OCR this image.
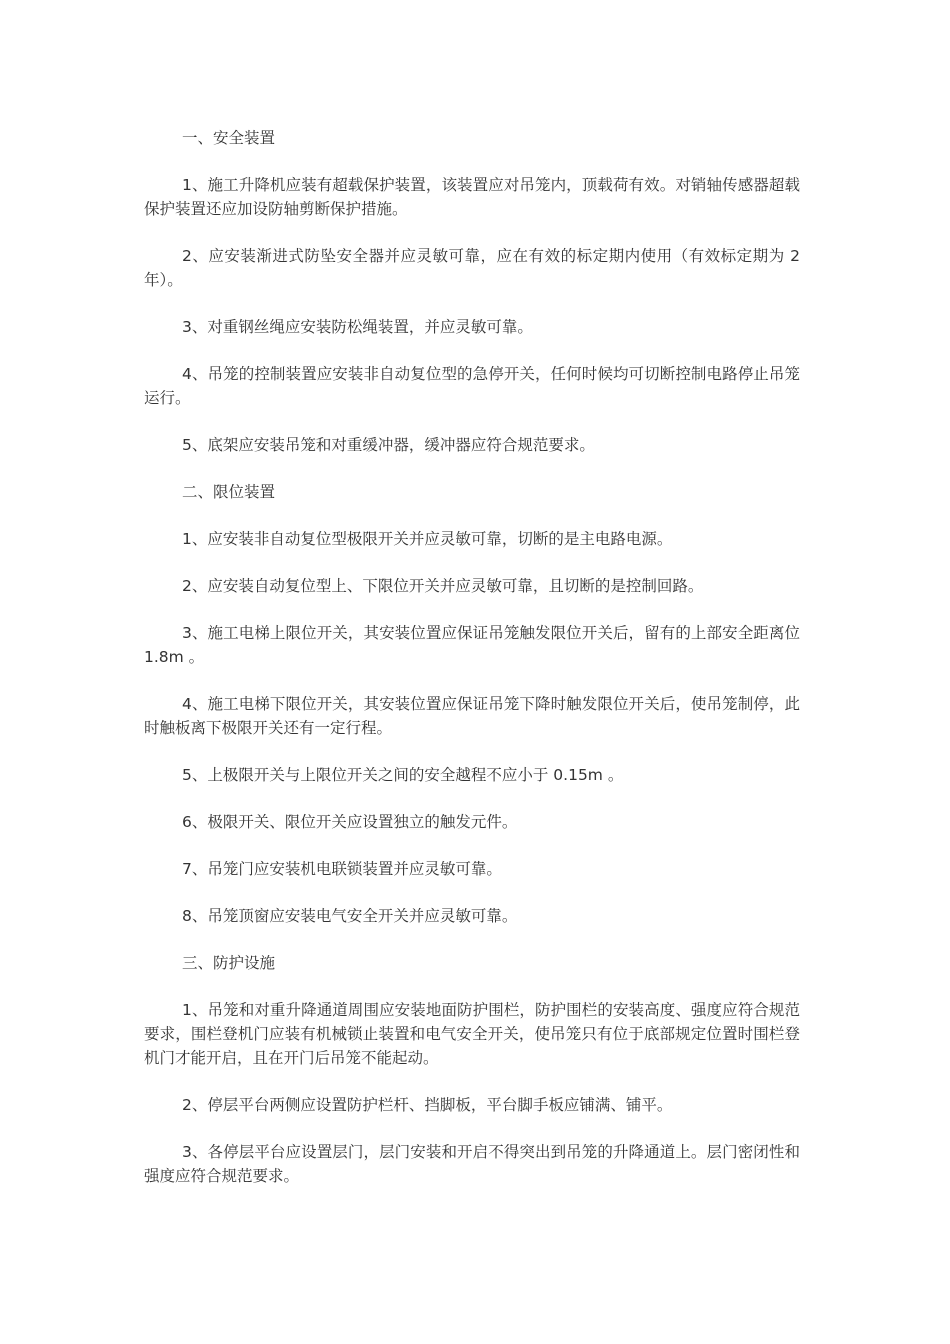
一、安全装置

1、施工升降机应装有超载保护装置，该装置应对吊笼内，顶载荷有效。对销轴传感器超载保护装置还应加设防轴剪断保护措施。

2、应安装渐进式防坠安全器并应灵敏可靠，应在有效的标定期内使用（有效标定期为 2 年）。

3、对重钢丝绳应安装防松绳装置，并应灵敏可靠。

4、吊笼的控制装置应安装非自动复位型的急停开关，任何时候均可切断控制电路停止吊笼运行。

5、底架应安装吊笼和对重缓冲器，缓冲器应符合规范要求。

二、限位装置

1、应安装非自动复位型极限开关并应灵敏可靠，切断的是主电路电源。

2、应安装自动复位型上、下限位开关并应灵敏可靠，且切断的是控制回路。

3、施工电梯上限位开关，其安装位置应保证吊笼触发限位开关后，留有的上部安全距离位 1.8m 。

4、施工电梯下限位开关，其安装位置应保证吊笼下降时触发限位开关后，使吊笼制停，此时触板离下极限开关还有一定行程。

5、上极限开关与上限位开关之间的安全越程不应小于 0.15m 。

6、极限开关、限位开关应设置独立的触发元件。

7、吊笼门应安装机电联锁装置并应灵敏可靠。

8、吊笼顶窗应安装电气安全开关并应灵敏可靠。

三、防护设施

1、吊笼和对重升降通道周围应安装地面防护围栏，防护围栏的安装高度、强度应符合规范要求，围栏登机门应装有机械锁止装置和电气安全开关，使吊笼只有位于底部规定位置时围栏登机门才能开启，且在开门后吊笼不能起动。

2、停层平台两侧应设置防护栏杆、挡脚板，平台脚手板应铺满、铺平。

3、各停层平台应设置层门，层门安装和开启不得突出到吊笼的升降通道上。层门密闭性和强度应符合规范要求。
